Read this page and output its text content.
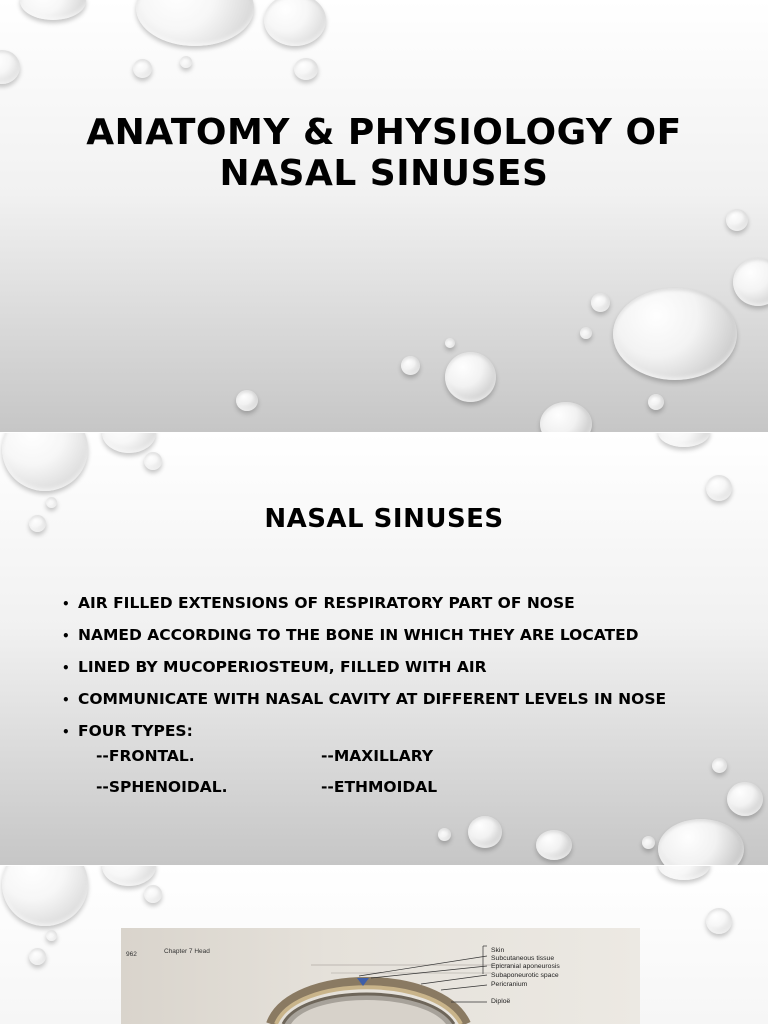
ANATOMY & PHYSIOLOGY OF NASAL SINUSES
NASAL SINUSES
• AIR FILLED EXTENSIONS OF RESPIRATORY PART OF NOSE
• NAMED ACCORDING TO THE BONE IN WHICH THEY ARE LOCATED
• LINED BY MUCOPERIOSTEUM, FILLED WITH AIR
• COMMUNICATE WITH NASAL CAVITY AT DIFFERENT LEVELS IN NOSE
• FOUR TYPES:
--FRONTAL.	--MAXILLARY
--SPHENOIDAL.	--ETHMOIDAL
962	Chapter 7 Head	Skin
Subcutaneous tissue
Epicranial aponeurosis
Subaponeurotic space
Pericranium
Diploë
